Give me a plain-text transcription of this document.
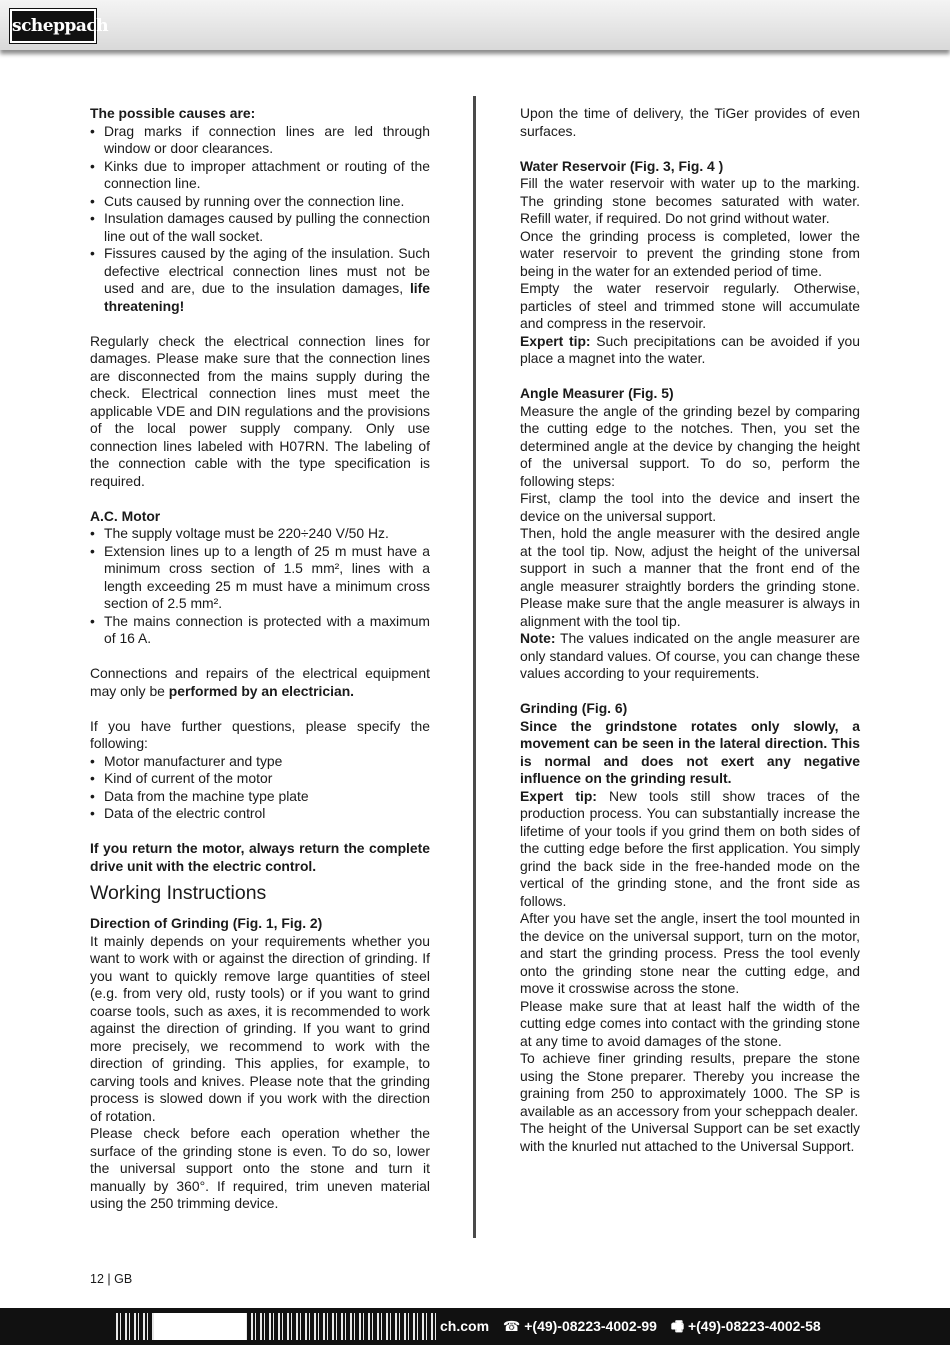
scheppach

The possible causes are:

• Drag marks if connection lines are led through window or door clearances.
• Kinks due to improper attachment or routing of the connection line.
• Cuts caused by running over the connection line.
• Insulation damages caused by pulling the connection line out of the wall socket.
• Fissures caused by the aging of the insulation. Such defective electrical connection lines must not be used and are, due to the insulation damages, life threatening!

Regularly check the electrical connection lines for damages. Please make sure that the connection lines are disconnected from the mains supply during the check. Electrical connection lines must meet the applicable VDE and DIN regulations and the provisions of the local power supply company. Only use connection lines labeled with H07RN. The labeling of the connection cable with the type specification is required.

A.C. Motor

• The supply voltage must be 220÷240 V/50 Hz.
• Extension lines up to a length of 25 m must have a minimum cross section of 1.5 mm², lines with a length exceeding 25 m must have a minimum cross section of 2.5 mm².
• The mains connection is protected with a maximum of 16 A.

Connections and repairs of the electrical equipment may only be performed by an electrician.

If you have further questions, please specify the following:

• Motor manufacturer and type
• Kind of current of the motor
• Data from the machine type plate
• Data of the electric control

If you return the motor, always return the complete drive unit with the electric control.

Working Instructions

Direction of Grinding (Fig. 1, Fig. 2)

It mainly depends on your requirements whether you want to work with or against the direction of grinding. If you want to quickly remove large quantities of steel (e.g. from very old, rusty tools) or if you want to grind coarse tools, such as axes, it is recommended to work against the direction of grinding. If you want to grind more precisely, we recommend to work with the direction of grinding. This applies, for example, to carving tools and knives. Please note that the grinding process is slowed down if you work with the direction of rotation.

Please check before each operation whether the surface of the grinding stone is even. To do so, lower the universal support onto the stone and turn it manually by 360°. If required, trim uneven material using the 250 trimming device.

Upon the time of delivery, the TiGer provides of even surfaces.

Water Reservoir (Fig. 3, Fig. 4 )

Fill the water reservoir with water up to the marking. The grinding stone becomes saturated with water. Refill water, if required. Do not grind without water.

Once the grinding process is completed, lower the water reservoir to prevent the grinding stone from being in the water for an extended period of time.

Empty the water reservoir regularly. Otherwise, particles of steel and trimmed stone will accumulate and compress in the reservoir.

Expert tip: Such precipitations can be avoided if you place a magnet into the water.

Angle Measurer (Fig. 5)

Measure the angle of the grinding bezel by comparing the cutting edge to the notches. Then, you set the determined angle at the device by changing the height of the universal support. To do so, perform the following steps:

First, clamp the tool into the device and insert the device on the universal support.

Then, hold the angle measurer with the desired angle at the tool tip. Now, adjust the height of the universal support in such a manner that the front end of the angle measurer straightly borders the grinding stone. Please make sure that the angle measurer is always in alignment with the tool tip.

Note: The values indicated on the angle measurer are only standard values. Of course, you can change these values according to your requirements.

Grinding (Fig. 6)

Since the grindstone rotates only slowly, a movement can be seen in the lateral direction. This is normal and does not exert any negative influence on the grinding result.

Expert tip: New tools still show traces of the production process. You can substantially increase the lifetime of your tools if you grind them on both sides of the cutting edge before the first application. You simply grind the back side in the free-handed mode on the vertical of the grinding stone, and the front side as follows.

After you have set the angle, insert the tool mounted in the device on the universal support, turn on the motor, and start the grinding process. Press the tool evenly onto the grinding stone near the cutting edge, and move it crosswise across the stone.

Please make sure that at least half the width of the cutting edge comes into contact with the grinding stone at any time to avoid damages of the stone.

To achieve finer grinding results, prepare the stone using the Stone preparer. Thereby you increase the graining from 250 to approximately 1000. The SP is available as an accessory from your scheppach dealer.

The height of the Universal Support can be set exactly with the knurled nut attached to the Universal Support.

12 | GB
ch.com ☎ +(49)-08223-4002-99 🖷 +(49)-08223-4002-58
